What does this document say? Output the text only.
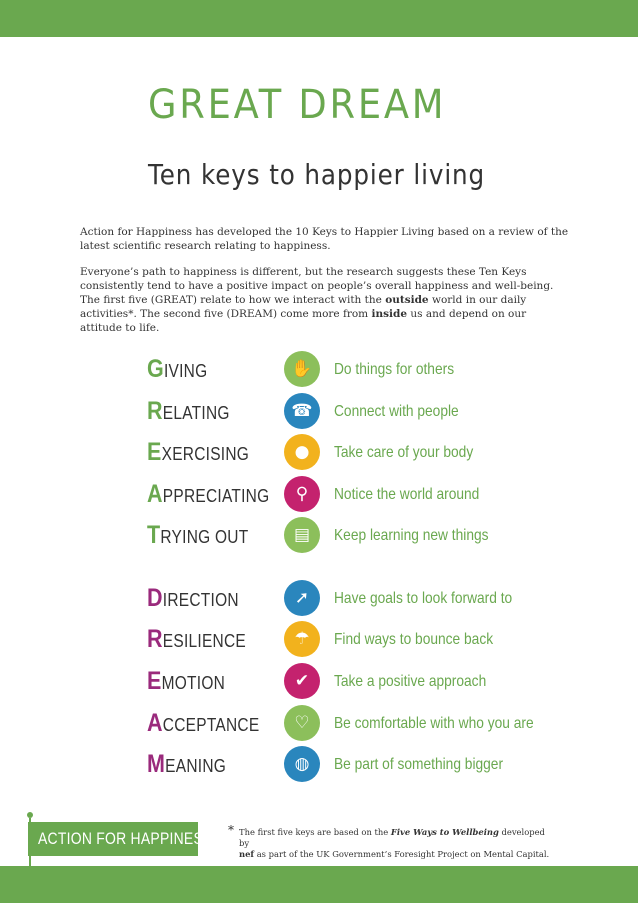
GREAT DREAM
Ten keys to happier living

Action for Happiness has developed the 10 Keys to Happier Living based on a review of the latest scientific research relating to happiness.

Everyone’s path to happiness is different, but the research suggests these Ten Keys consistently tend to have a positive impact on people’s overall happiness and well-being. The first five (GREAT) relate to how we interact with the outside world in our daily activities*. The second five (DREAM) come more from inside us and depend on our attitude to life.

GIVING	✋	Do things for others
RELATING	☎	Connect with people
EXERCISING	●	Take care of your body
APPRECIATING	⚲	Notice the world around
TRYING OUT	▤	Keep learning new things
DIRECTION	➚	Have goals to look forward to
RESILIENCE	☂	Find ways to bounce back
EMOTION	✔	Take a positive approach
ACCEPTANCE	♡	Be comfortable with who you are
MEANING	◍	Be part of something bigger
ACTION FOR HAPPINESS * The first five keys are based on the Five Ways to Wellbeing developed by
nef as part of the UK Government’s Foresight Project on Mental Capital.
